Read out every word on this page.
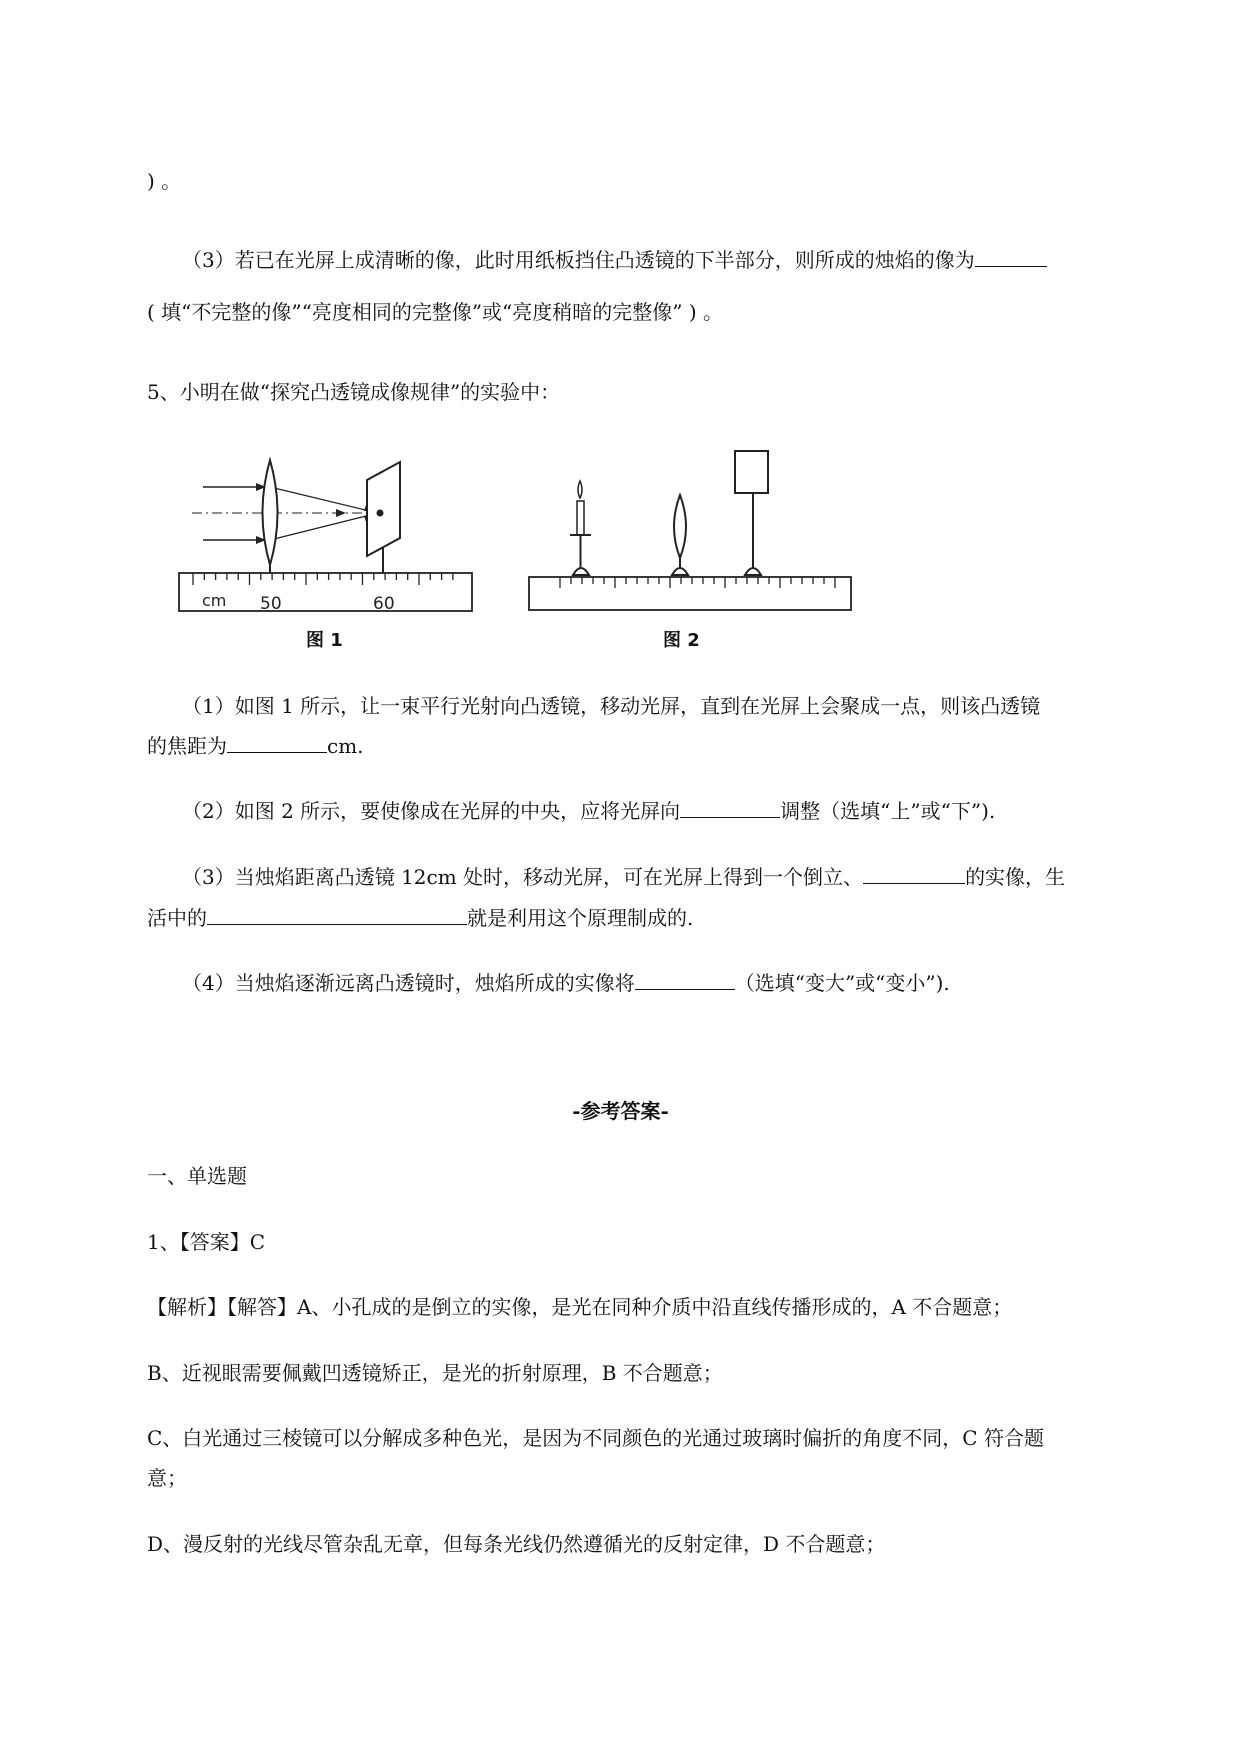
) 。
（3）若已在光屏上成清晰的像，此时用纸板挡住凸透镜的下半部分，则所成的烛焰的像为
( 填“不完整的像”“亮度相同的完整像”或“亮度稍暗的完整像” ) 。
5、小明在做“探究凸透镜成像规律”的实验中：
cm 50	60
图 1	图 2
（1）如图 1 所示，让一束平行光射向凸透镜，移动光屏，直到在光屏上会聚成一点，则该凸透镜
的焦距为	cm.
（2）如图 2 所示，要使像成在光屏的中央，应将光屏向	调整（选填“上”或“下”).
（3）当烛焰距离凸透镜 12cm 处时，移动光屏，可在光屏上得到一个倒立、	的实像，生
活中的	就是利用这个原理制成的.
（4）当烛焰逐渐远离凸透镜时，烛焰所成的实像将	（选填“变大”或“变小”).
-参考答案-
一、单选题
1、【答案】C
【解析】【解答】A、小孔成的是倒立的实像，是光在同种介质中沿直线传播形成的，A 不合题意；
B、近视眼需要佩戴凹透镜矫正，是光的折射原理，B 不合题意；
C、白光通过三棱镜可以分解成多种色光，是因为不同颜色的光通过玻璃时偏折的角度不同，C 符合题
意；
D、漫反射的光线尽管杂乱无章，但每条光线仍然遵循光的反射定律，D 不合题意；
